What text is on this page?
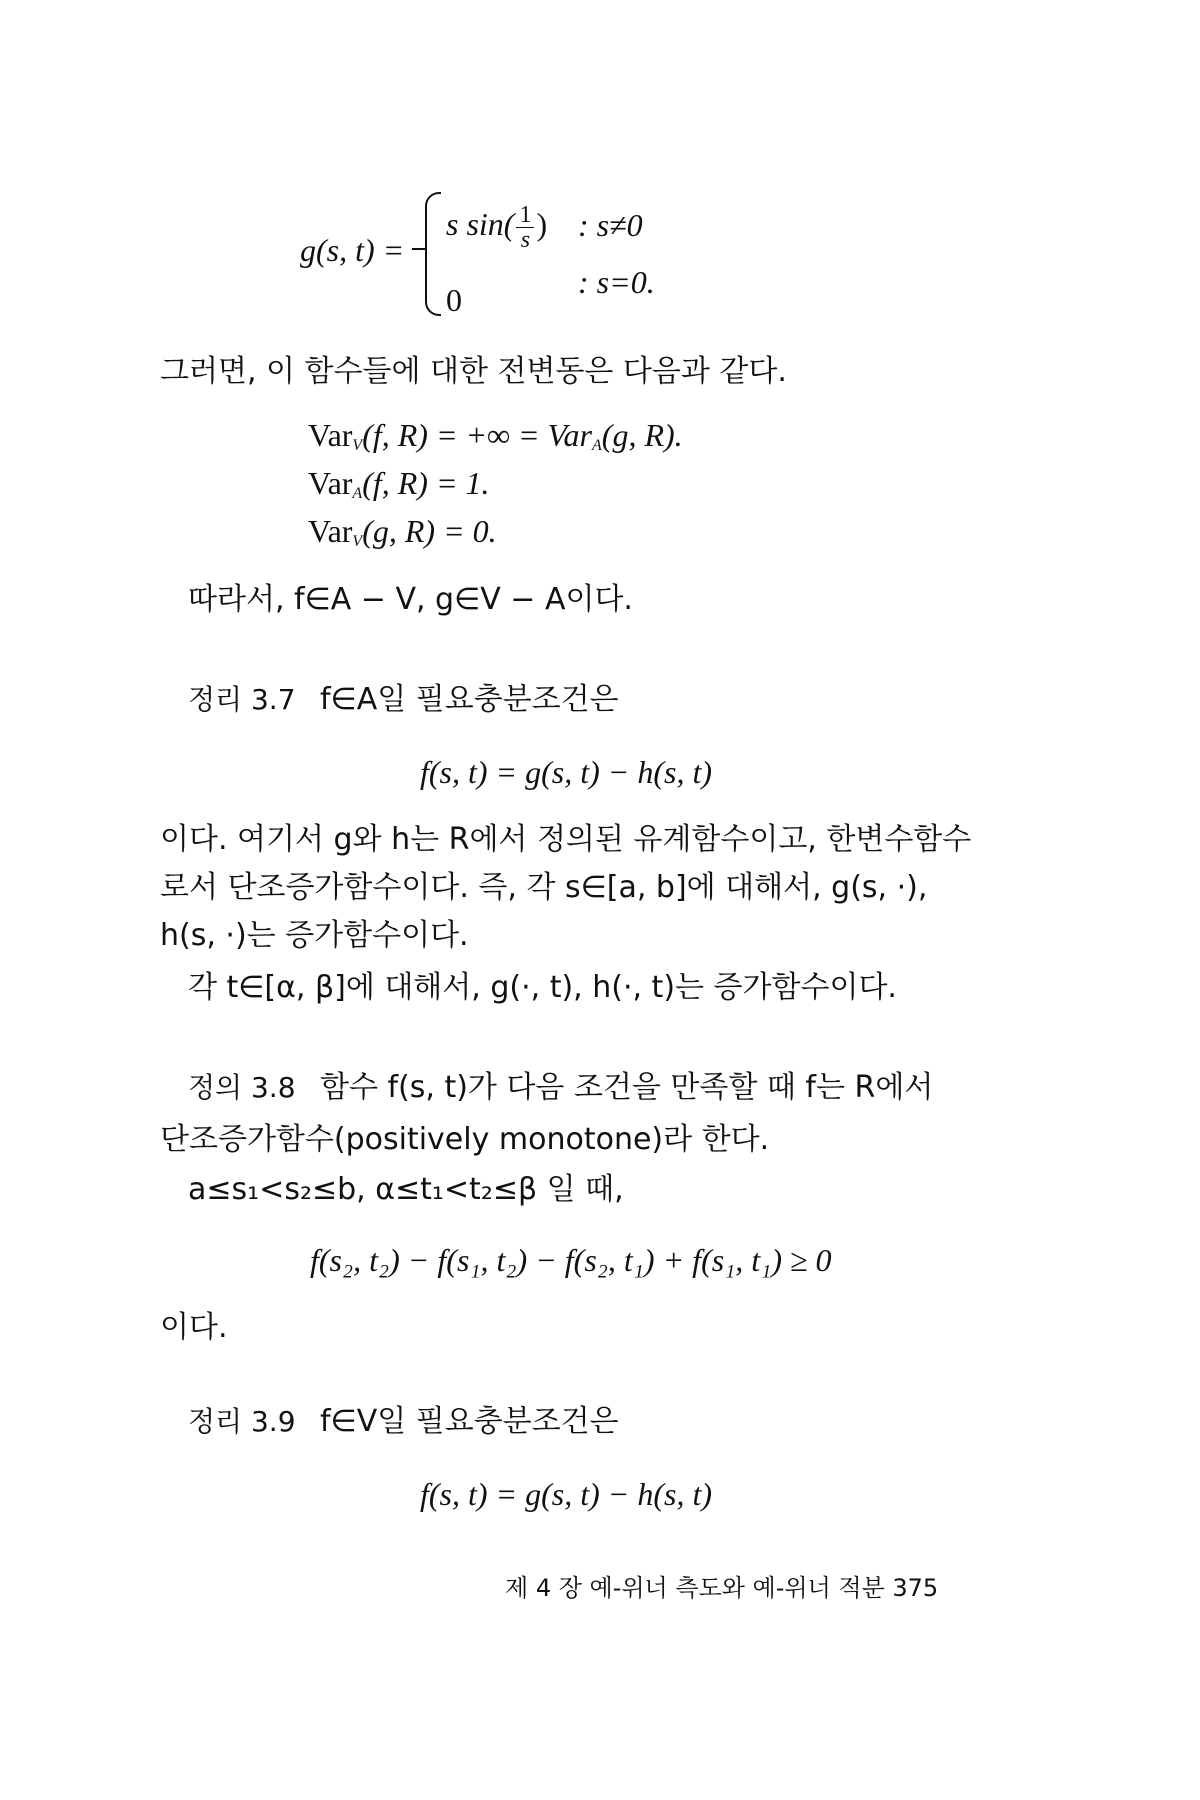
g(s, t) =
s $\sin( \frac{1}{s}$ ) : s≠0
0	: s=0.
그러면, 이 함수들에 대한 전변동은 다음과 같다.
Var$_V$(f, R) = +∞ = Var$_A$(g, R).
Var$_A$(f, R) = 1.
Var$_V$(g, R) = 0.
따라서, f∈A − V, g∈V − A이다.
정리 3.7 f∈A일 필요충분조건은
f(s, t) = g(s, t) − h(s, t)
이다. 여기서 g와 h는 R에서 정의된 유계함수이고, 한변수함수
로서 단조증가함수이다. 즉, 각 s∈[a, b]에 대해서, g(s, ·),
h(s, ·)는 증가함수이다.
각 t∈[α, β]에 대해서, g(·, t), h(·, t)는 증가함수이다.
정의 3.8 함수 f(s, t)가 다음 조건을 만족할 때 f는 R에서
단조증가함수(positively monotone)라 한다.
a≤s₁<s₂≤b, α≤t₁<t₂≤β 일 때,
f(s₂, t₂) − f(s₁, t₂) − f(s₂, t₁) + f(s₁, t₁) ≥ 0
이다.
정리 3.9 f∈V일 필요충분조건은
f(s, t) = g(s, t) − h(s, t)
제 4 장 예-위너 측도와 예-위너 적분 375
